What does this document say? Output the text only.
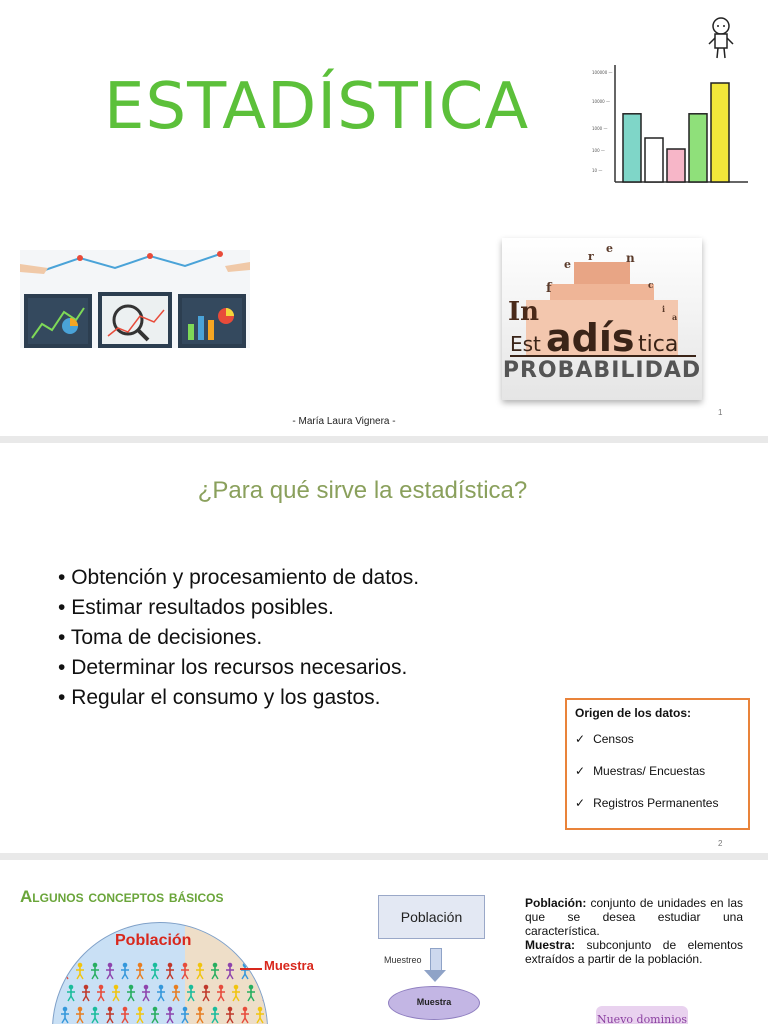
ESTADÍSTICA	100000 —
10000 —
1000 —
100 —
10 —
e
r
e
n
c
i
a
f
In
Est adís tica
PROBABILIDAD
- María Laura Vignera -
1
¿Para qué sirve la estadística?
• Obtención y procesamiento de datos.
• Estimar resultados posibles.
• Toma de decisiones.
• Determinar los recursos necesarios.
• Regular el consumo y los gastos.
Origen de los datos:
✓ Censos
✓ Muestras/ Encuestas
✓ Registros Permanentes
2
Algunos conceptos básicos
Población
Muestra
Población
Muestreo
Muestra
Población: conjunto de unidades en las que se desea estudiar una característica.
Muestra: subconjunto de elementos extraídos a partir de la población.
Nuevo dominios
